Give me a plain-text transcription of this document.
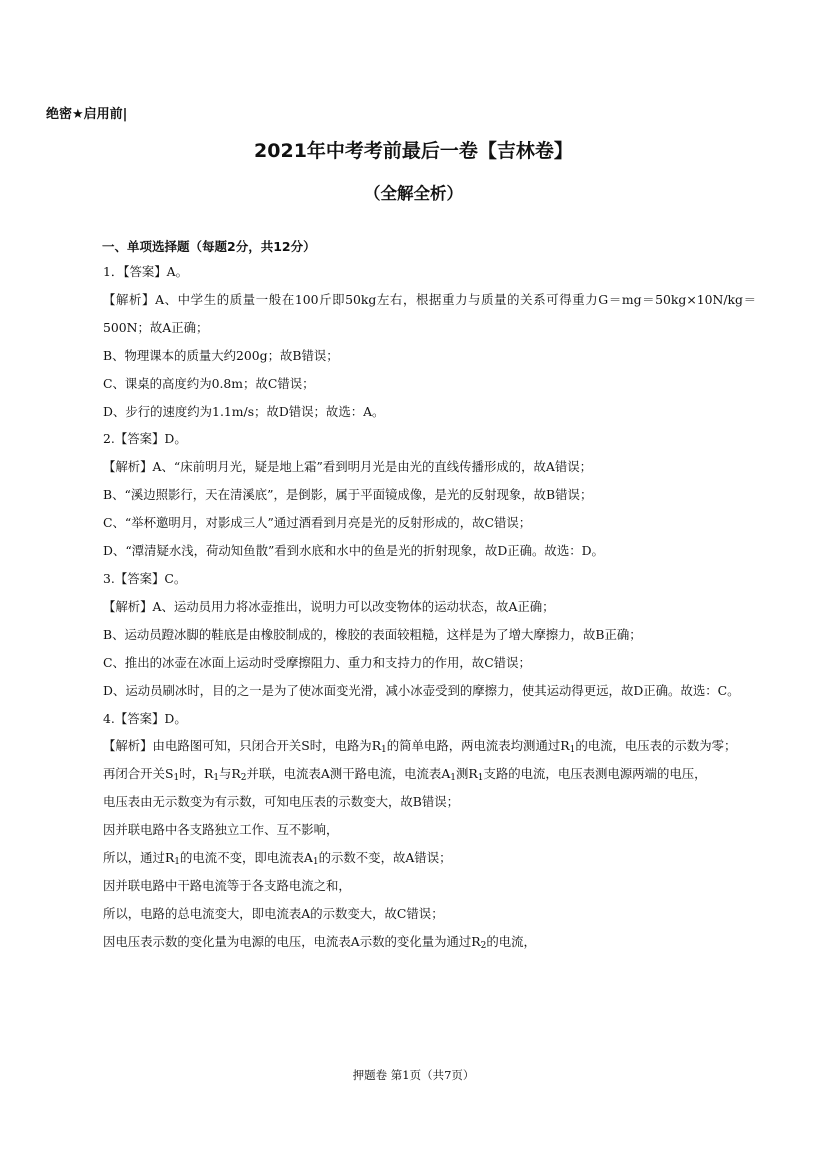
绝密★启用前|
2021年中考考前最后一卷【吉林卷】
（全解全析）
一、单项选择题（每题2分，共12分）

1．【答案】A。

【解析】A、中学生的质量一般在100斤即50kg左右，根据重力与质量的关系可得重力G＝mg＝50kg×10N/kg＝500N；故A正确；

B、物理课本的质量大约200g；故B错误；

C、课桌的高度约为0.8m；故C错误；

D、步行的速度约为1.1m/s；故D错误；故选：A。

2.【答案】D。

【解析】A、“床前明月光，疑是地上霜”看到明月光是由光的直线传播形成的，故A错误；

B、“溪边照影行，天在清溪底”，是倒影，属于平面镜成像，是光的反射现象，故B错误；

C、“举杯邀明月，对影成三人”通过酒看到月亮是光的反射形成的，故C错误；

D、“潭清疑水浅，荷动知鱼散”看到水底和水中的鱼是光的折射现象，故D正确。故选：D。

3.【答案】C。

【解析】A、运动员用力将冰壶推出，说明力可以改变物体的运动状态，故A正确；

B、运动员蹬冰脚的鞋底是由橡胶制成的，橡胶的表面较粗糙，这样是为了增大摩擦力，故B正确；

C、推出的冰壶在冰面上运动时受摩擦阻力、重力和支持力的作用，故C错误；

D、运动员刷冰时，目的之一是为了使冰面变光滑，减小冰壶受到的摩擦力，使其运动得更远，故D正确。故选：C。

4.【答案】D。

【解析】由电路图可知，只闭合开关S时，电路为$R_1$的简单电路，两电流表均测通过$R_1$的电流，电压表的示数为零；

再闭合开关$S_1$时，$R_1$与$R_2$并联，电流表A测干路电流，电流表$A_1$测$R_1$支路的电流，电压表测电源两端的电压，

电压表由无示数变为有示数，可知电压表的示数变大，故B错误；

因并联电路中各支路独立工作、互不影响，

所以，通过$R_1$的电流不变，即电流表$A_1$的示数不变，故A错误；

因并联电路中干路电流等于各支路电流之和，

所以，电路的总电流变大，即电流表A的示数变大，故C错误；

因电压表示数的变化量为电源的电压，电流表A示数的变化量为通过$R_2$的电流，

押题卷 第1页（共7页）
